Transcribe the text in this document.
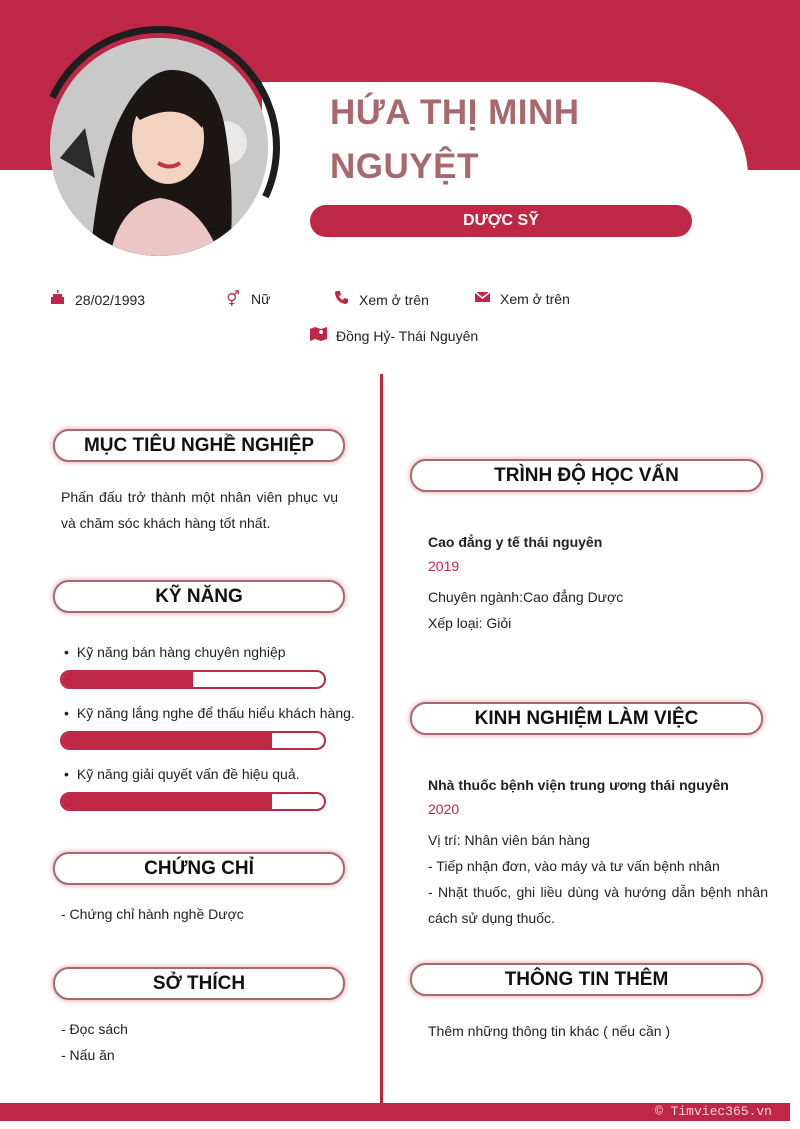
HỨA THỊ MINH NGUYỆT
DƯỢC SỸ
28/02/1993	⚥ Nữ	Xem ở trên	Xem ở trên
Đồng Hỷ- Thái Nguyên
MỤC TIÊU NGHỀ NGHIỆP
Phấn đấu trở thành một nhân viên phục vụ và chăm sóc khách hàng tốt nhất.
KỸ NĂNG
• Kỹ năng bán hàng chuyên nghiệp
• Kỹ năng lắng nghe để thấu hiểu khách hàng.
• Kỹ năng giải quyết vấn đề hiệu quả.
CHỨNG CHỈ
- Chứng chỉ hành nghề Dược
SỞ THÍCH
- Đọc sách
- Nấu ăn
TRÌNH ĐỘ HỌC VẤN
Cao đẳng y tế thái nguyên
2019
Chuyên ngành:Cao đẳng Dược
Xếp loại: Giỏi
KINH NGHIỆM LÀM VIỆC
Nhà thuốc bệnh viện trung ương thái nguyên
2020
Vị trí: Nhân viên bán hàng
- Tiếp nhận đơn, vào máy và tư vấn bệnh nhân
- Nhặt thuốc, ghi liều dùng và hướng dẫn bệnh nhân cách sử dụng thuốc.
THÔNG TIN THÊM
Thêm những thông tin khác ( nếu cần )
© Timviec365.vn
